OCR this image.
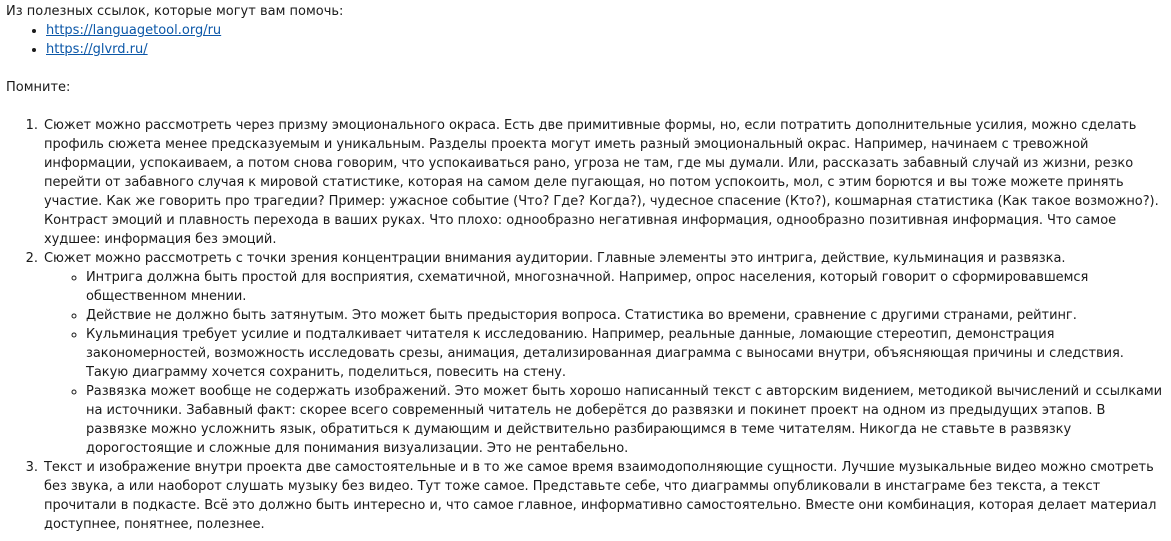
Из полезных ссылок, которые могут вам помочь:

• https://languagetool.org/ru
• https://glvrd.ru/

Помните:

1. Сюжет можно рассмотреть через призму эмоционального окраса. Есть две примитивные формы, но, если потратить дополнительные усилия, можно сделать профиль сюжета менее предсказуемым и уникальным. Разделы проекта могут иметь разный эмоциональный окрас. Например, начинаем с тревожной информации, успокаиваем, а потом снова говорим, что успокаиваться рано, угроза не там, где мы думали. Или, рассказать забавный случай из жизни, резко перейти от забавного случая к мировой статистике, которая на самом деле пугающая, но потом успокоить, мол, с этим борются и вы тоже можете принять участие. Как же говорить про трагедии? Пример: ужасное событие (Что? Где? Когда?), чудесное спасение (Кто?), кошмарная статистика (Как такое возможно?). Контраст эмоций и плавность перехода в ваших руках. Что плохо: однообразно негативная информация, однообразно позитивная информация. Что самое худшее: информация без эмоций.
2. Сюжет можно рассмотреть с точки зрения концентрации внимания аудитории. Главные элементы это интрига, действие, кульминация и развязка.
◦ Интрига должна быть простой для восприятия, схематичной, многозначной. Например, опрос населения, который говорит о сформировавшемся общественном мнении.
◦ Действие не должно быть затянутым. Это может быть предыстория вопроса. Статистика во времени, сравнение с другими странами, рейтинг.
◦ Кульминация требует усилие и подталкивает читателя к исследованию. Например, реальные данные, ломающие стереотип, демонстрация закономерностей, возможность исследовать срезы, анимация, детализированная диаграмма с выносами внутри, объясняющая причины и следствия. Такую диаграмму хочется сохранить, поделиться, повесить на стену.
◦ Развязка может вообще не содержать изображений. Это может быть хорошо написанный текст с авторским видением, методикой вычислений и ссылками на источники. Забавный факт: скорее всего современный читатель не доберётся до развязки и покинет проект на одном из предыдущих этапов. В развязке можно усложнить язык, обратиться к думающим и действительно разбирающимся в теме читателям. Никогда не ставьте в развязку дорогостоящие и сложные для понимания визуализации. Это не рентабельно.
3. Текст и изображение внутри проекта две самостоятельные и в то же самое время взаимодополняющие сущности. Лучшие музыкальные видео можно смотреть без звука, а или наоборот слушать музыку без видео. Тут тоже самое. Представьте себе, что диаграммы опубликовали в инстаграме без текста, а текст прочитали в подкасте. Всё это должно быть интересно и, что самое главное, информативно самостоятельно. Вместе они комбинация, которая делает материал доступнее, понятнее, полезнее.
